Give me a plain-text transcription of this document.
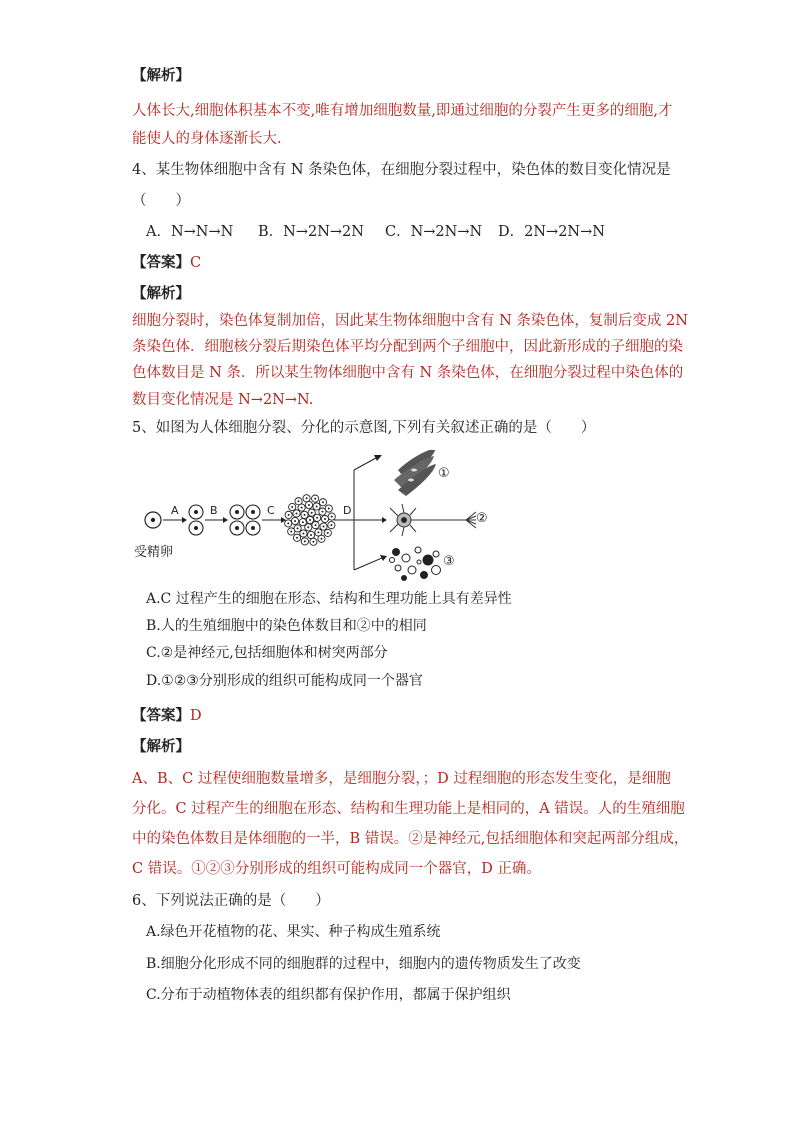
【解析】
人体长大,细胞体积基本不变,唯有增加细胞数量,即通过细胞的分裂产生更多的细胞,才
能使人的身体逐渐长大.
4、某生物体细胞中含有 N 条染色体，在细胞分裂过程中，染色体的数目变化情况是
（　　）
A．N→N→N B．N→2N→2N C．N→2N→N D．2N→2N→N
【答案】C
【解析】
细胞分裂时，染色体复制加倍，因此某生物体细胞中含有 N 条染色体，复制后变成 2N
条染色体．细胞核分裂后期染色体平均分配到两个子细胞中，因此新形成的子细胞的染
色体数目是 N 条．所以某生物体细胞中含有 N 条染色体，在细胞分裂过程中染色体的
数目变化情况是 N→2N→N.
5、如图为人体细胞分裂、分化的示意图,下列有关叙述正确的是（　　）
A	B	C	D
①
②
③
受精卵
A.C 过程产生的细胞在形态、结构和生理功能上具有差异性
B.人的生殖细胞中的染色体数目和②中的相同
C.②是神经元,包括细胞体和树突两部分
D.①②③分别形成的组织可能构成同一个器官
【答案】D
【解析】
A、B、C 过程使细胞数量增多，是细胞分裂，；D 过程细胞的形态发生变化，是细胞
分化。C 过程产生的细胞在形态、结构和生理功能上是相同的，A 错误。人的生殖细胞
中的染色体数目是体细胞的一半，B 错误。②是神经元,包括细胞体和突起两部分组成，
C 错误。①②③分别形成的组织可能构成同一个器官，D 正确。
6、下列说法正确的是（　　）
A.绿色开花植物的花、果实、种子构成生殖系统
B.细胞分化形成不同的细胞群的过程中，细胞内的遗传物质发生了改变
C.分布于动植物体表的组织都有保护作用，都属于保护组织
